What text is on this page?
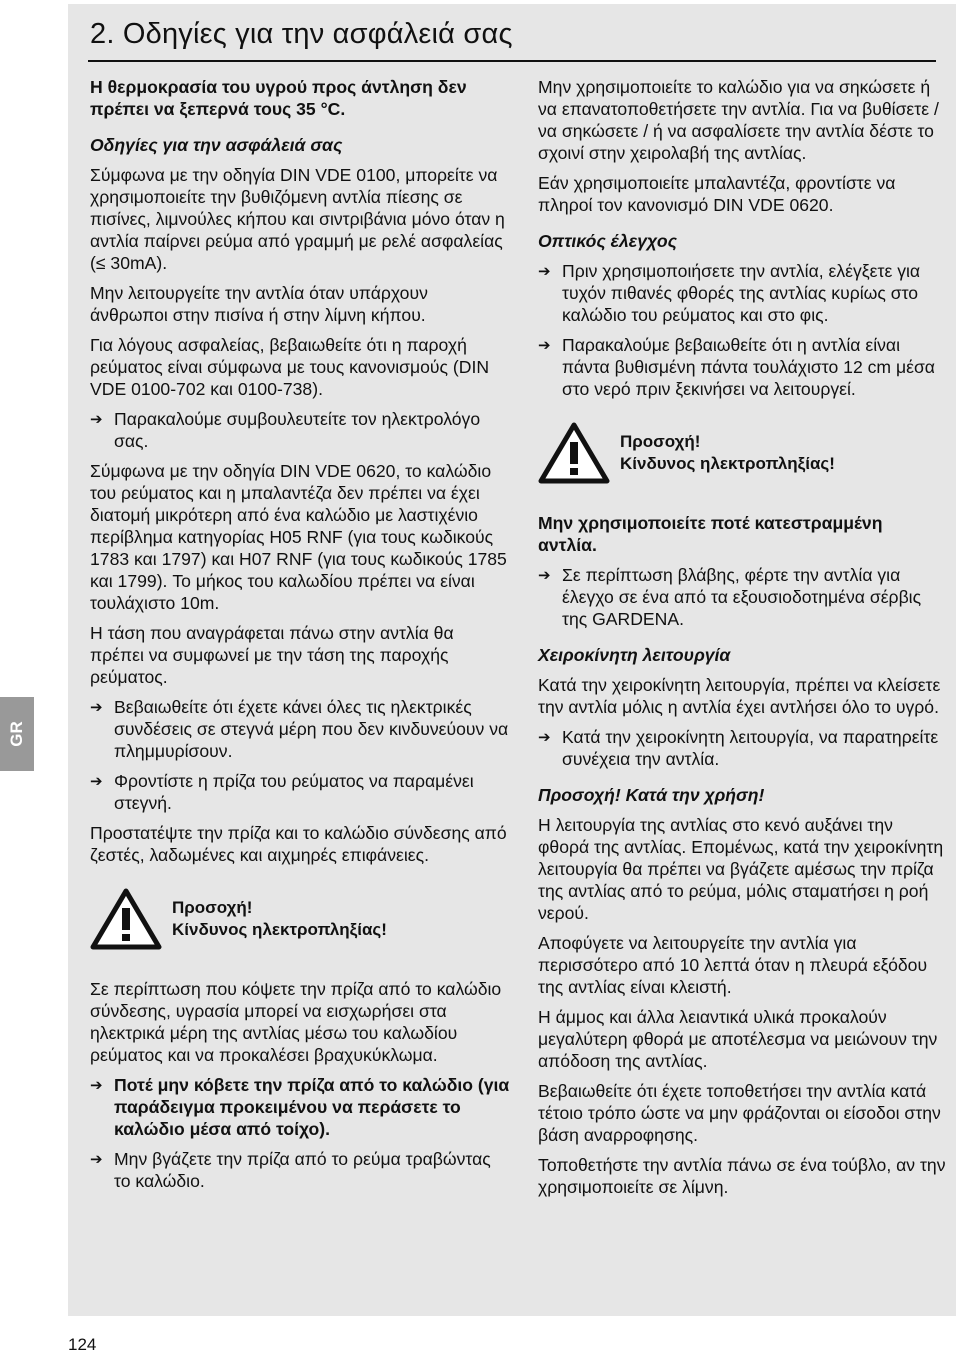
2. Οδηγίες για την ασφάλειά σας
GR

Η θερμοκρασία του υγρού προς άντληση δεν πρέπει να ξεπερνά τους 35 °C.

Οδηγίες για την ασφάλειά σας

Σύμφωνα με την οδηγία DIN VDE 0100, μπορείτε να χρησιμοποιείτε την βυθιζόμενη αντλία πίεσης σε πισίνες, λιμνούλες κήπου και σιντριβάνια μόνο όταν η αντλία παίρνει ρεύμα από γραμμή με ρελέ ασφαλείας (≤ 30mA).

Μην λειτουργείτε την αντλία όταν υπάρχουν άνθρωποι στην πισίνα ή στην λίμνη κήπου.

Για λόγους ασφαλείας, βεβαιωθείτε ότι η παροχή ρεύματος είναι σύμφωνα με τους κανονισμούς (DIN VDE 0100-702 και 0100-738).

➔ Παρακαλούμε συμβουλευτείτε τον ηλεκτρολόγο σας.

Σύμφωνα με την οδηγία DIN VDE 0620, το καλώδιο του ρεύματος και η μπαλαντέζα δεν πρέπει να έχει διατομή μικρότερη από ένα καλώδιο με λαστιχένιο περίβλημα κατηγορίας H05 RNF (για τους κωδικούς 1783 και 1797) και H07 RNF (για τους κωδικούς 1785 και 1799). Το μήκος του καλωδίου πρέπει να είναι τουλάχιστο 10m.

Η τάση που αναγράφεται πάνω στην αντλία θα πρέπει να συμφωνεί με την τάση της παροχής ρεύματος.

➔ Βεβαιωθείτε ότι έχετε κάνει όλες τις ηλεκτρικές συνδέσεις σε στεγνά μέρη που δεν κινδυνεύουν να πλημμυρίσουν.
➔ Φροντίστε η πρίζα του ρεύματος να παραμένει στεγνή.

Προστατέψτε την πρίζα και το καλώδιο σύνδεσης από ζεστές, λαδωμένες και αιχμηρές επιφάνειες.

Προσοχή!
Κίνδυνος ηλεκτροπληξίας!

Σε περίπτωση που κόψετε την πρίζα από το καλώδιο σύνδεσης, υγρασία μπορεί να εισχωρήσει στα ηλεκτρικά μέρη της αντλίας μέσω του καλωδίου ρεύματος και να προκαλέσει βραχυκύκλωμα.

➔ Ποτέ μην κόβετε την πρίζα από το καλώδιο (για παράδειγμα προκειμένου να περάσετε το καλώδιο μέσα από τοίχο).
➔ Μην βγάζετε την πρίζα από το ρεύμα τραβώντας το καλώδιο.

Μην χρησιμοποιείτε το καλώδιο για να σηκώσετε ή να επανατοποθετήσετε την αντλία. Για να βυθίσετε / να σηκώσετε / ή να ασφαλίσετε την αντλία δέστε το σχοινί στην χειρολαβή της αντλίας.

Εάν χρησιμοποιείτε μπαλαντέζα, φροντίστε να πληροί τον κανονισμό DIN VDE 0620.

Οπτικός έλεγχος

➔ Πριν χρησιμοποιήσετε την αντλία, ελέγξετε για τυχόν πιθανές φθορές της αντλίας κυρίως στο καλώδιο του ρεύματος και στο φις.
➔ Παρακαλούμε βεβαιωθείτε ότι η αντλία είναι πάντα βυθισμένη πάντα τουλάχιστο 12 cm μέσα στο νερό πριν ξεκινήσει να λειτουργεί.
Προσοχή!
Κίνδυνος ηλεκτροπληξίας!

Μην χρησιμοποιείτε ποτέ κατεστραμμένη αντλία.

➔ Σε περίπτωση βλάβης, φέρτε την αντλία για έλεγχο σε ένα από τα εξουσιοδοτημένα σέρβις της GARDENA.

Χειροκίνητη λειτουργία

Κατά την χειροκίνητη λειτουργία, πρέπει να κλείσετε την αντλία μόλις η αντλία έχει αντλήσει όλο το υγρό.

➔ Κατά την χειροκίνητη λειτουργία, να παρατηρείτε συνέχεια την αντλία.

Προσοχή! Κατά την χρήση!

Η λειτουργία της αντλίας στο κενό αυξάνει την φθορά της αντλίας. Επομένως, κατά την χειροκίνητη λειτουργία θα πρέπει να βγάζετε αμέσως την πρίζα της αντλίας από το ρεύμα, μόλις σταματήσει η ροή νερού.

Αποφύγετε να λειτουργείτε την αντλία για περισσότερο από 10 λεπτά όταν η πλευρά εξόδου της αντλίας είναι κλειστή.

Η άμμος και άλλα λειαντικά υλικά προκαλούν μεγαλύτερη φθορά με αποτέλεσμα να μειώνουν την απόδοση της αντλίας.

Βεβαιωθείτε ότι έχετε τοποθετήσει την αντλία κατά τέτοιο τρόπο ώστε να μην φράζονται οι είσοδοι στην βάση αναρροφησης.

Τοποθετήστε την αντλία πάνω σε ένα τούβλο, αν την χρησιμοποιείτε σε λίμνη.

124
